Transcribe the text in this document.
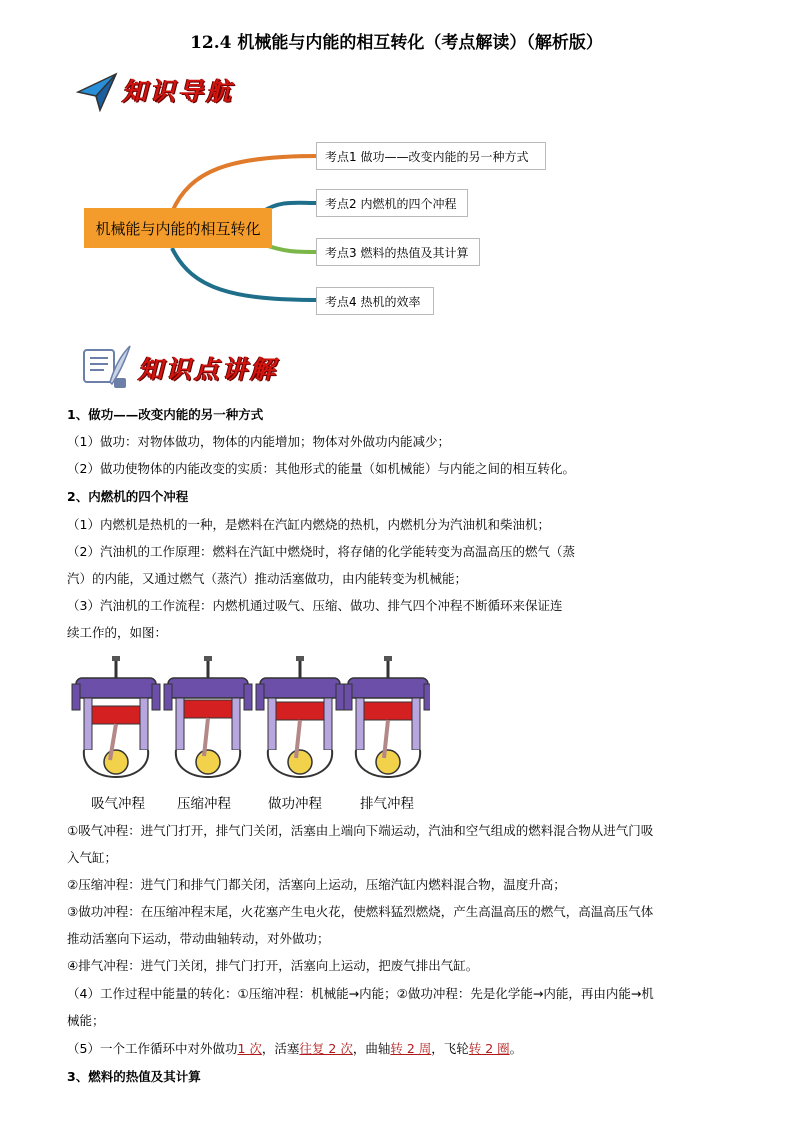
12.4 机械能与内能的相互转化（考点解读）（解析版）
知识导航
机械能与内能的相互转化
考点1 做功——改变内能的另一种方式
考点2 内燃机的四个冲程
考点3 燃料的热值及其计算
考点4 热机的效率
知识点讲解
1、做功——改变内能的另一种方式
（1）做功：对物体做功，物体的内能增加；物体对外做功内能减少；
（2）做功使物体的内能改变的实质：其他形式的能量（如机械能）与内能之间的相互转化。
2、内燃机的四个冲程
（1）内燃机是热机的一种，是燃料在汽缸内燃烧的热机，内燃机分为汽油机和柴油机；
（2）汽油机的工作原理：燃料在汽缸中燃烧时，将存储的化学能转变为高温高压的燃气（蒸
汽）的内能，又通过燃气（蒸汽）推动活塞做功，由内能转变为机械能；
（3）汽油机的工作流程：内燃机通过吸气、压缩、做功、排气四个冲程不断循环来保证连
续工作的，如图：
吸气冲程 压缩冲程	做功冲程	排气冲程
①吸气冲程：进气门打开，排气门关闭，活塞由上端向下端运动，汽油和空气组成的燃料混合物从进气门吸
入气缸；
②压缩冲程：进气门和排气门都关闭，活塞向上运动，压缩汽缸内燃料混合物，温度升高；
③做功冲程：在压缩冲程末尾，火花塞产生电火花，使燃料猛烈燃烧，产生高温高压的燃气，高温高压气体
推动活塞向下运动，带动曲轴转动，对外做功；
④排气冲程：进气门关闭，排气门打开，活塞向上运动，把废气排出气缸。
（4）工作过程中能量的转化：①压缩冲程：机械能→内能；②做功冲程：先是化学能→内能，再由内能→机
械能；
（5）一个工作循环中对外做功1 次，活塞往复 2 次，曲轴转 2 周，飞轮转 2 圈。
3、燃料的热值及其计算
